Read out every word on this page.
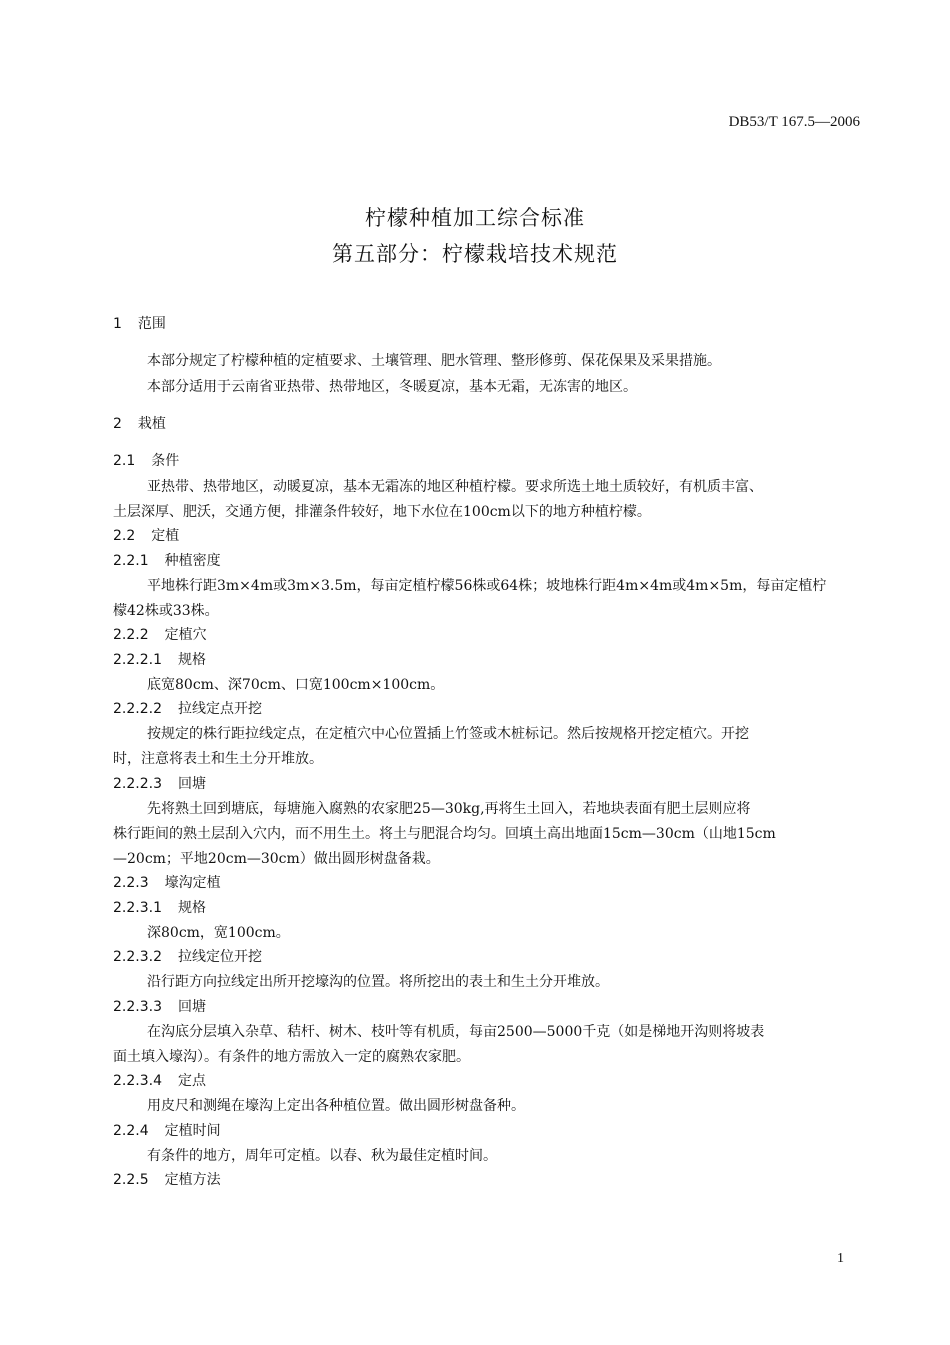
DB53/T 167.5—2006
柠檬种植加工综合标准
第五部分：柠檬栽培技术规范
1 范围
本部分规定了柠檬种植的定植要求、土壤管理、肥水管理、整形修剪、保花保果及采果措施。
本部分适用于云南省亚热带、热带地区，冬暖夏凉，基本无霜，无冻害的地区。
2 栽植
2.1 条件
亚热带、热带地区，动暖夏凉，基本无霜冻的地区种植柠檬。要求所选土地土质较好，有机质丰富、
土层深厚、肥沃，交通方便，排灌条件较好，地下水位在100cm以下的地方种植柠檬。
2.2 定植
2.2.1 种植密度
平地株行距3m×4m或3m×3.5m，每亩定植柠檬56株或64株；坡地株行距4m×4m或4m×5m，每亩定植柠
檬42株或33株。
2.2.2 定植穴
2.2.2.1 规格
底宽80cm、深70cm、口宽100cm×100cm。
2.2.2.2 拉线定点开挖
按规定的株行距拉线定点，在定植穴中心位置插上竹签或木桩标记。然后按规格开挖定植穴。开挖
时，注意将表土和生土分开堆放。
2.2.2.3 回塘
先将熟土回到塘底，每塘施入腐熟的农家肥25—30kg,再将生土回入，若地块表面有肥土层则应将
株行距间的熟土层刮入穴内，而不用生土。将土与肥混合均匀。回填土高出地面15cm—30cm（山地15cm
—20cm；平地20cm—30cm）做出圆形树盘备栽。
2.2.3 壕沟定植
2.2.3.1 规格
深80cm，宽100cm。
2.2.3.2 拉线定位开挖
沿行距方向拉线定出所开挖壕沟的位置。将所挖出的表土和生土分开堆放。
2.2.3.3 回塘
在沟底分层填入杂草、秸杆、树木、枝叶等有机质，每亩2500—5000千克（如是梯地开沟则将坡表
面土填入壕沟）。有条件的地方需放入一定的腐熟农家肥。
2.2.3.4 定点
用皮尺和测绳在壕沟上定出各种植位置。做出圆形树盘备种。
2.2.4 定植时间
有条件的地方，周年可定植。以春、秋为最佳定植时间。
2.2.5 定植方法
1
